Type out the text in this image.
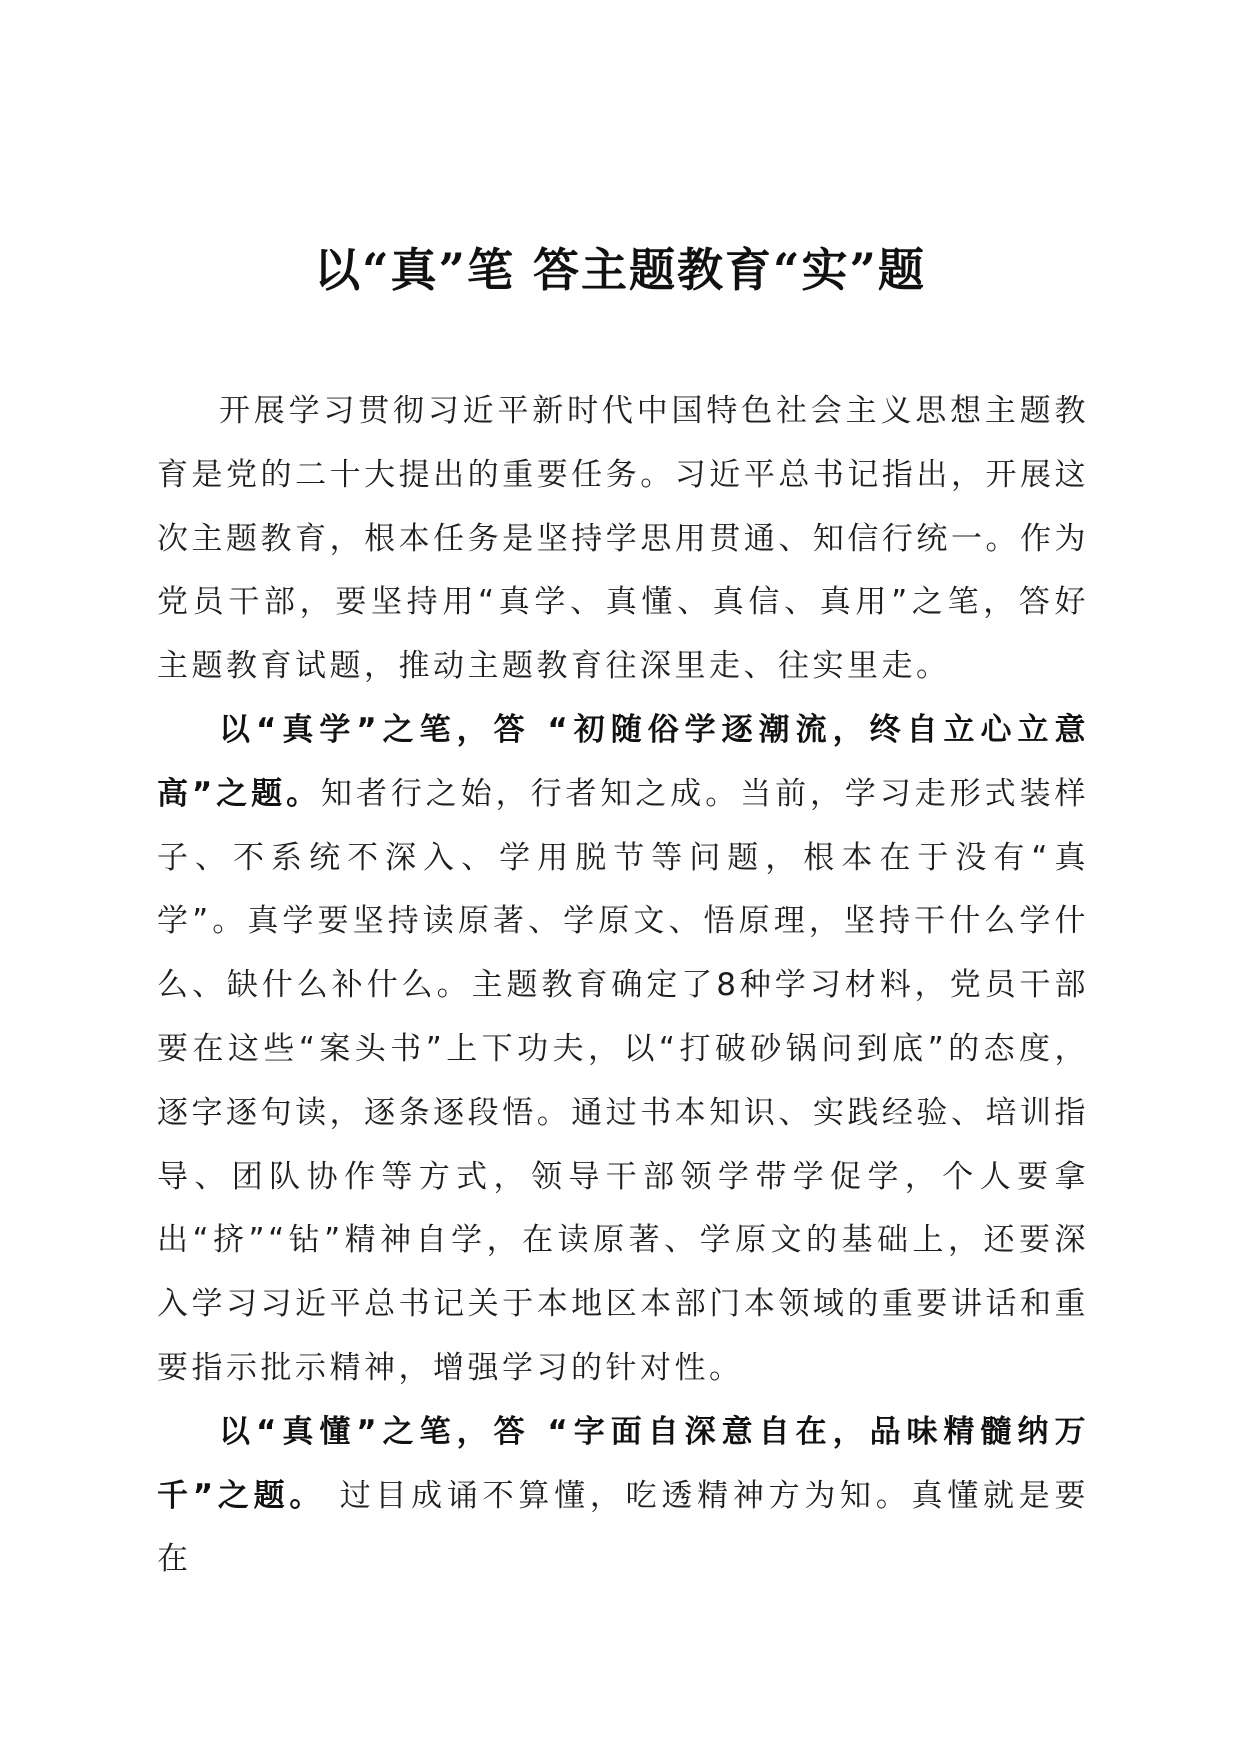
以“真”笔 答主题教育“实”题

开展学习贯彻习近平新时代中国特色社会主义思想主题教育是党的二十大提出的重要任务。习近平总书记指出，开展这次主题教育，根本任务是坚持学思用贯通、知信行统一。作为党员干部，要坚持用“真学、真懂、真信、真用”之笔，答好主题教育试题，推动主题教育往深里走、往实里走。

以“真学”之笔，答 “初随俗学逐潮流，终自立心立意高”之题。知者行之始，行者知之成。当前，学习走形式装样子、不系统不深入、学用脱节等问题，根本在于没有“真学”。真学要坚持读原著、学原文、悟原理，坚持干什么学什么、缺什么补什么。主题教育确定了8种学习材料，党员干部要在这些“案头书”上下功夫，以“打破砂锅问到底”的态度，逐字逐句读，逐条逐段悟。通过书本知识、实践经验、培训指导、团队协作等方式，领导干部领学带学促学，个人要拿出“挤”“钻”精神自学，在读原著、学原文的基础上，还要深入学习习近平总书记关于本地区本部门本领域的重要讲话和重要指示批示精神，增强学习的针对性。

以“真懂”之笔，答 “字面自深意自在，品味精髓纳万千”之题。 过目成诵不算懂，吃透精神方为知。真懂就是要在
